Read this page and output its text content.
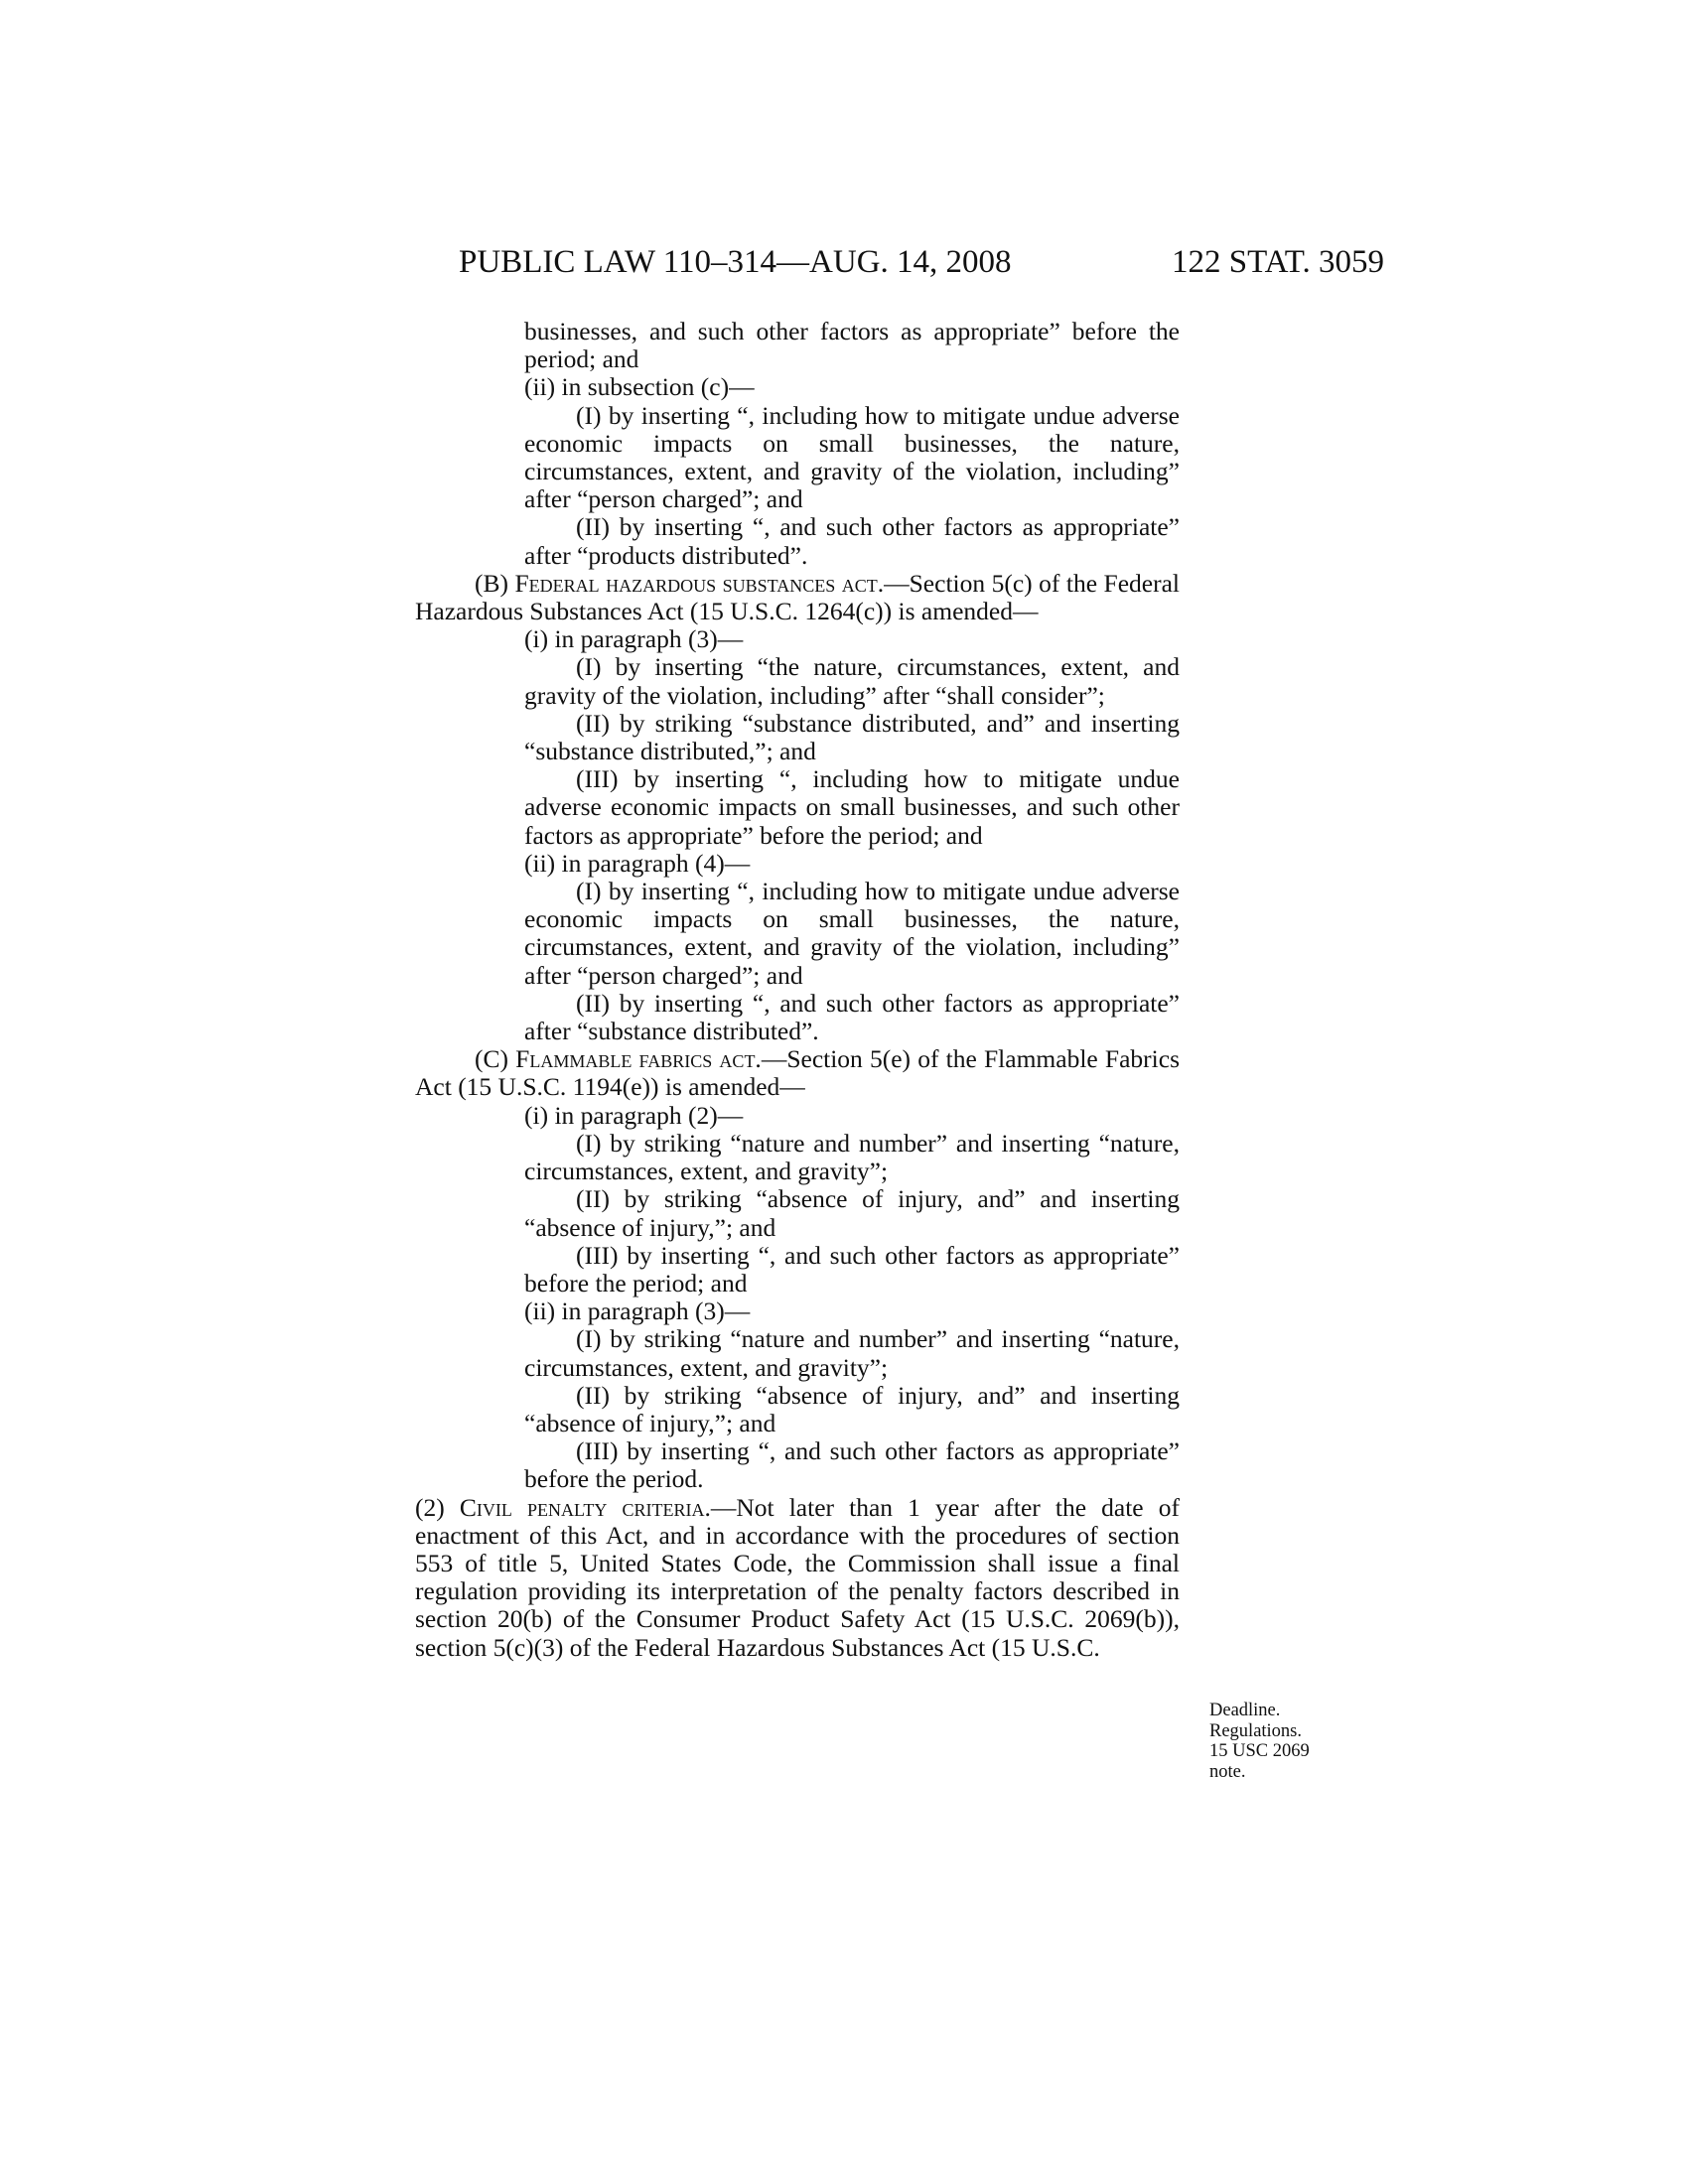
PUBLIC LAW 110–314—AUG. 14, 2008	122 STAT. 3059

businesses, and such other factors as appropriate” before the period; and

(ii) in subsection (c)—

(I) by inserting “, including how to mitigate undue adverse economic impacts on small businesses, the nature, circumstances, extent, and gravity of the violation, including” after “person charged”; and

(II) by inserting “, and such other factors as appropriate” after “products distributed”.

(B) Federal hazardous substances act.—Section 5(c) of the Federal Hazardous Substances Act (15 U.S.C. 1264(c)) is amended—

(i) in paragraph (3)—

(I) by inserting “the nature, circumstances, extent, and gravity of the violation, including” after “shall consider”;

(II) by striking “substance distributed, and” and inserting “substance distributed,”; and

(III) by inserting “, including how to mitigate undue adverse economic impacts on small businesses, and such other factors as appropriate” before the period; and

(ii) in paragraph (4)—

(I) by inserting “, including how to mitigate undue adverse economic impacts on small businesses, the nature, circumstances, extent, and gravity of the violation, including” after “person charged”; and

(II) by inserting “, and such other factors as appropriate” after “substance distributed”.

(C) Flammable fabrics act.—Section 5(e) of the Flammable Fabrics Act (15 U.S.C. 1194(e)) is amended—

(i) in paragraph (2)—

(I) by striking “nature and number” and inserting “nature, circumstances, extent, and gravity”;

(II) by striking “absence of injury, and” and inserting “absence of injury,”; and

(III) by inserting “, and such other factors as appropriate” before the period; and

(ii) in paragraph (3)—

(I) by striking “nature and number” and inserting “nature, circumstances, extent, and gravity”;

(II) by striking “absence of injury, and” and inserting “absence of injury,”; and

(III) by inserting “, and such other factors as appropriate” before the period.

(2) Civil penalty criteria.—Not later than 1 year after the date of enactment of this Act, and in accordance with the procedures of section 553 of title 5, United States Code, the Commission shall issue a final regulation providing its interpretation of the penalty factors described in section 20(b) of the Consumer Product Safety Act (15 U.S.C. 2069(b)), section 5(c)(3) of the Federal Hazardous Substances Act (15 U.S.C.

Deadline.
Regulations.
15 USC 2069
note.
